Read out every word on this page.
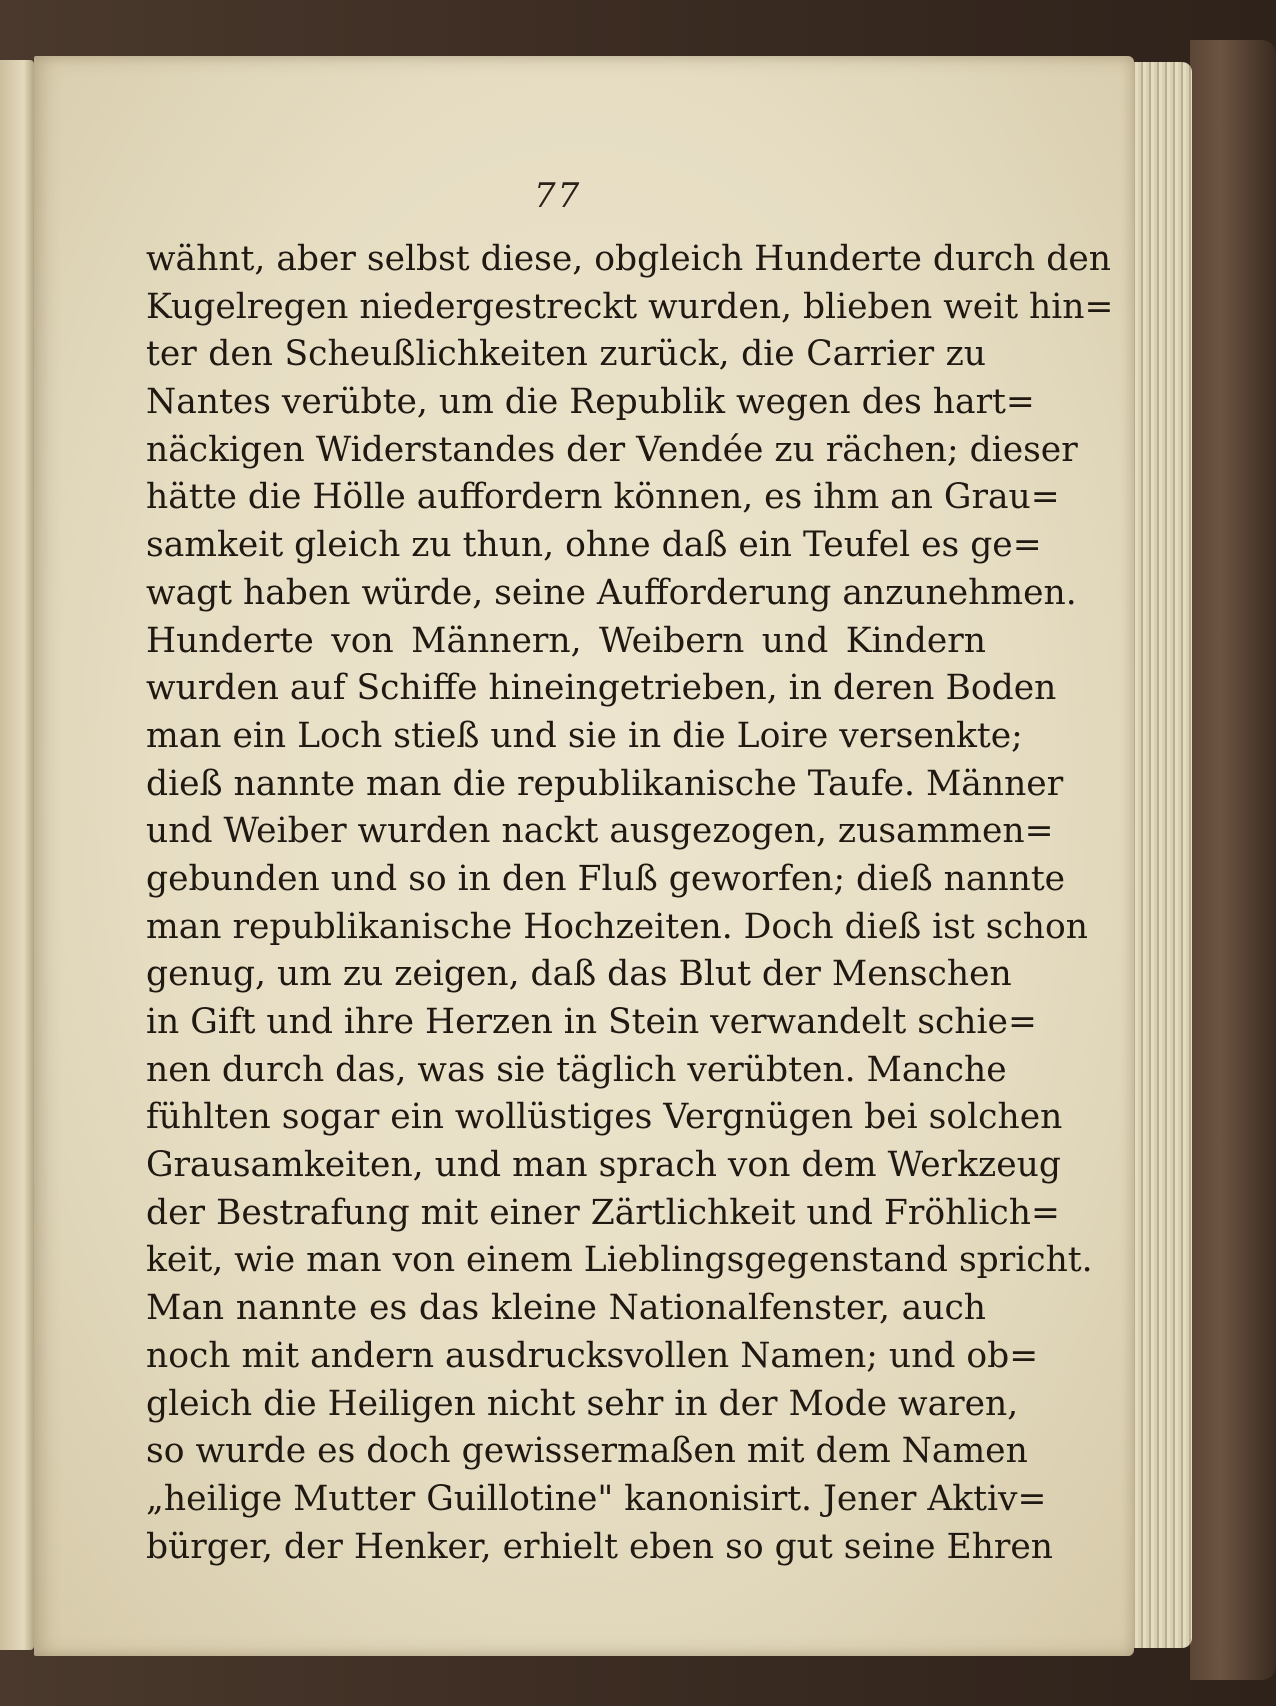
77
wähnt, aber selbst diese, obgleich Hunderte durch den
Kugelregen niedergestreckt wurden, blieben weit hin=
ter den Scheußlichkeiten zurück, die Carrier zu
Nantes verübte, um die Republik wegen des hart=
näckigen Widerstandes der Vendée zu rächen; dieser
hätte die Hölle auffordern können, es ihm an Grau=
samkeit gleich zu thun, ohne daß ein Teufel es ge=
wagt haben würde, seine Aufforderung anzunehmen.
Hunderte von Männern, Weibern und Kindern
wurden auf Schiffe hineingetrieben, in deren Boden
man ein Loch stieß und sie in die Loire versenkte;
dieß nannte man die republikanische Taufe. Männer
und Weiber wurden nackt ausgezogen, zusammen=
gebunden und so in den Fluß geworfen; dieß nannte
man republikanische Hochzeiten. Doch dieß ist schon
genug, um zu zeigen, daß das Blut der Menschen
in Gift und ihre Herzen in Stein verwandelt schie=
nen durch das, was sie täglich verübten. Manche
fühlten sogar ein wollüstiges Vergnügen bei solchen
Grausamkeiten, und man sprach von dem Werkzeug
der Bestrafung mit einer Zärtlichkeit und Fröhlich=
keit, wie man von einem Lieblingsgegenstand spricht.
Man nannte es das kleine Nationalfenster, auch
noch mit andern ausdrucksvollen Namen; und ob=
gleich die Heiligen nicht sehr in der Mode waren,
so wurde es doch gewissermaßen mit dem Namen
„heilige Mutter Guillotine" kanonisirt. Jener Aktiv=
bürger, der Henker, erhielt eben so gut seine Ehren
